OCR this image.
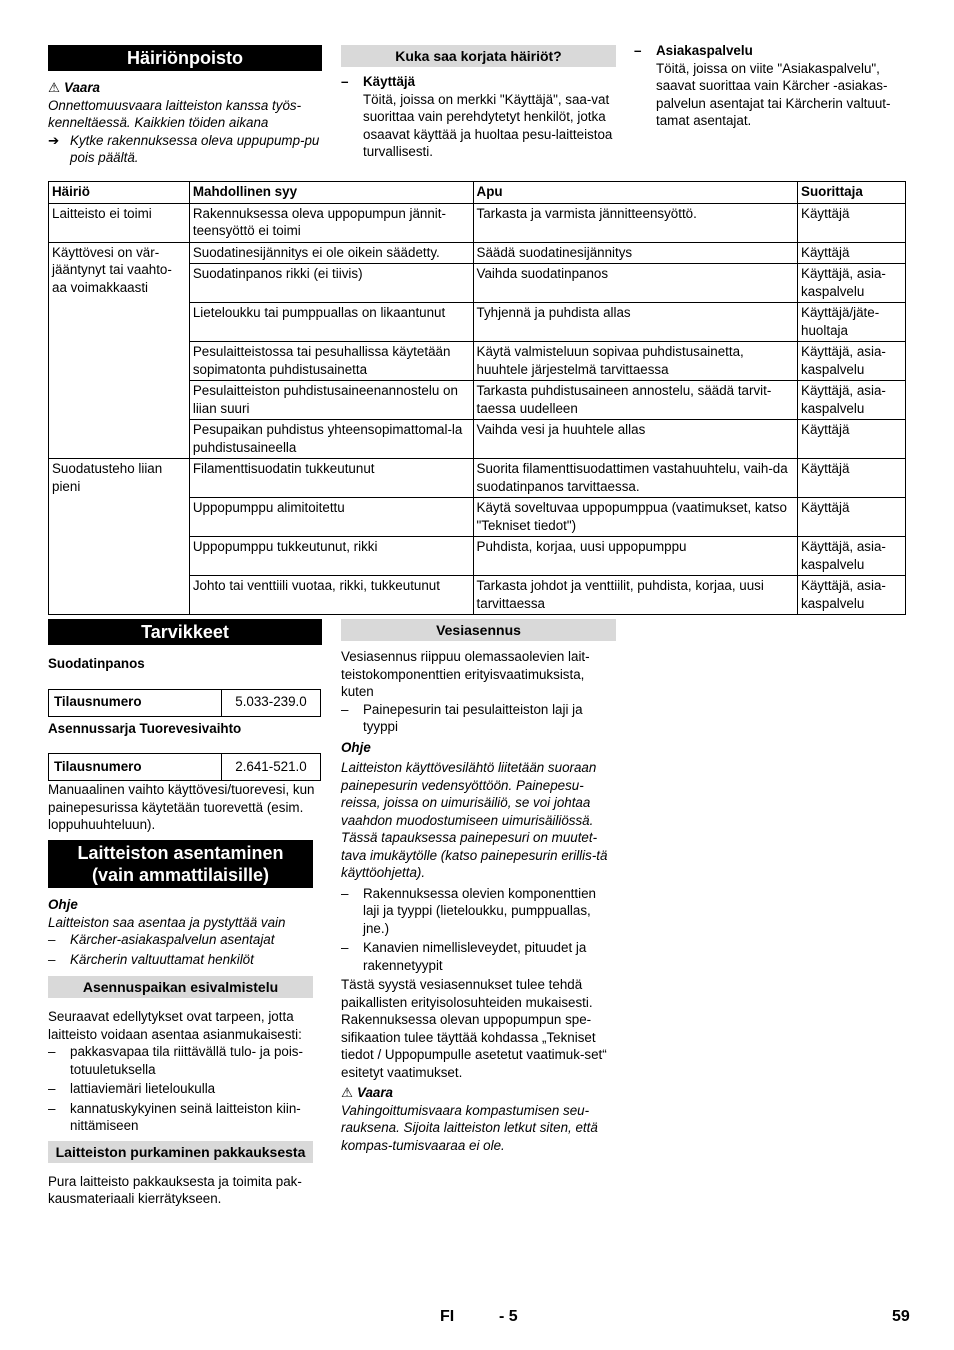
Häiriönpoisto

⚠ Vaara

Onnettomuusvaara laitteiston kanssa työs-kenneltäessä. Kaikkien töiden aikana

➔ Kytke rakennuksessa oleva uppupump-pu pois päältä.

Kuka saa korjata häiriöt?

– Käyttäjä

Töitä, joissa on merkki "Käyttäjä", saa-vat suorittaa vain perehdytetyt henkilöt, jotka osaavat käyttää ja huoltaa pesu-laitteistoa turvallisesti.

– Asiakaspalvelu

Töitä, joissa on viite "Asiakaspalvelu", saavat suorittaa vain Kärcher -asiakas-palvelun asentajat tai Kärcherin valtuut-tamat asentajat.

Häiriö	Mahdollinen syy	Apu	Suorittaja
Laitteisto ei toimi	Rakennuksessa oleva uppopumpun jännit-teensyöttö ei toimi	Tarkasta ja varmista jännitteensyöttö.	Käyttäjä
Käyttövesi on vär-jääntynyt tai vaahto-aa voimakkaasti	Suodatinesijännitys ei ole oikein säädetty.	Säädä suodatinesijännitys	Käyttäjä
	Suodatinpanos rikki (ei tiivis)	Vaihda suodatinpanos	Käyttäjä, asia-kaspalvelu
	Lieteloukku tai pumppuallas on likaantunut	Tyhjennä ja puhdista allas	Käyttäjä/jäte-huoltaja
	Pesulaitteistossa tai pesuhallissa käytetään sopimatonta puhdistusainetta	Käytä valmisteluun sopivaa puhdistusainetta, huuhtele järjestelmä tarvittaessa	Käyttäjä, asia-kaspalvelu
	Pesulaitteiston puhdistusaineenannostelu on liian suuri	Tarkasta puhdistusaineen annostelu, säädä tarvit-taessa uudelleen	Käyttäjä, asia-kaspalvelu
	Pesupaikan puhdistus yhteensopimattomal-la puhdistusaineella	Vaihda vesi ja huuhtele allas	Käyttäjä
Suodatusteho liian pieni	Filamenttisuodatin tukkeutunut	Suorita filamenttisuodattimen vastahuuhtelu, vaih-da suodatinpanos tarvittaessa.	Käyttäjä
	Uppopumppu alimitoitettu	Käytä soveltuvaa uppopumppua (vaatimukset, katso "Tekniset tiedot")	Käyttäjä
	Uppopumppu tukkeutunut, rikki	Puhdista, korjaa, uusi uppopumppu	Käyttäjä, asia-kaspalvelu
	Johto tai venttiili vuotaa, rikki, tukkeutunut	Tarkasta johdot ja venttiilit, puhdista, korjaa, uusi tarvittaessa	Käyttäjä, asia-kaspalvelu
Tarvikkeet

Suodatinpanos

Tilausnumero	5.033-239.0

Asennussarja Tuorevesivaihto

Tilausnumero	2.641-521.0

Manuaalinen vaihto käyttövesi/tuorevesi, kun painepesurissa käytetään tuorevettä (esim. loppuhuuhteluun).

Laitteiston asentaminen
(vain ammattilaisille)

Ohje

Laitteiston saa asentaa ja pystyttää vain

– Kärcher-asiakaspalvelun asentajat

– Kärcherin valtuuttamat henkilöt

Asennuspaikan esivalmistelu

Seuraavat edellytykset ovat tarpeen, jotta laitteisto voidaan asentaa asianmukaisesti:

– pakkasvapaa tila riittävällä tulo- ja pois-totuuletuksella

– lattiaviemäri lieteloukulla

– kannatuskykyinen seinä laitteiston kiin-nittämiseen

Laitteiston purkaminen pakkauksesta

Pura laitteisto pakkauksesta ja toimita pak-kausmateriaali kierrätykseen.

Vesiasennus

Vesiasennus riippuu olemassaolevien lait-teistokomponenttien erityisvaatimuksista, kuten

– Painepesurin tai pesulaitteiston laji ja tyyppi

Ohje

Laitteiston käyttövesilähtö liitetään suoraan painepesurin vedensyöttöön. Painepesu-reissa, joissa on uimurisäiliö, se voi johtaa vaahdon muodostumiseen uimurisäiliössä. Tässä tapauksessa painepesuri on muutet-tava imukäytölle (katso painepesurin erillis-tä käyttöohjetta).

– Rakennuksessa olevien komponenttien laji ja tyyppi (lieteloukku, pumppuallas, jne.)

– Kanavien nimellisleveydet, pituudet ja rakennetyypit

Tästä syystä vesiasennukset tulee tehdä paikallisten erityisolosuhteiden mukaisesti. Rakennuksessa olevan uppopumpun spe-sifikaation tulee täyttää kohdassa „Tekniset tiedot / Uppopumpulle asetetut vaatimuk-set“ esitetyt vaatimukset.

⚠ Vaara

Vahingoittumisvaara kompastumisen seu-rauksena. Sijoita laitteiston letkut siten, että kompas-tumisvaaraa ei ole.

FI	- 5	59
